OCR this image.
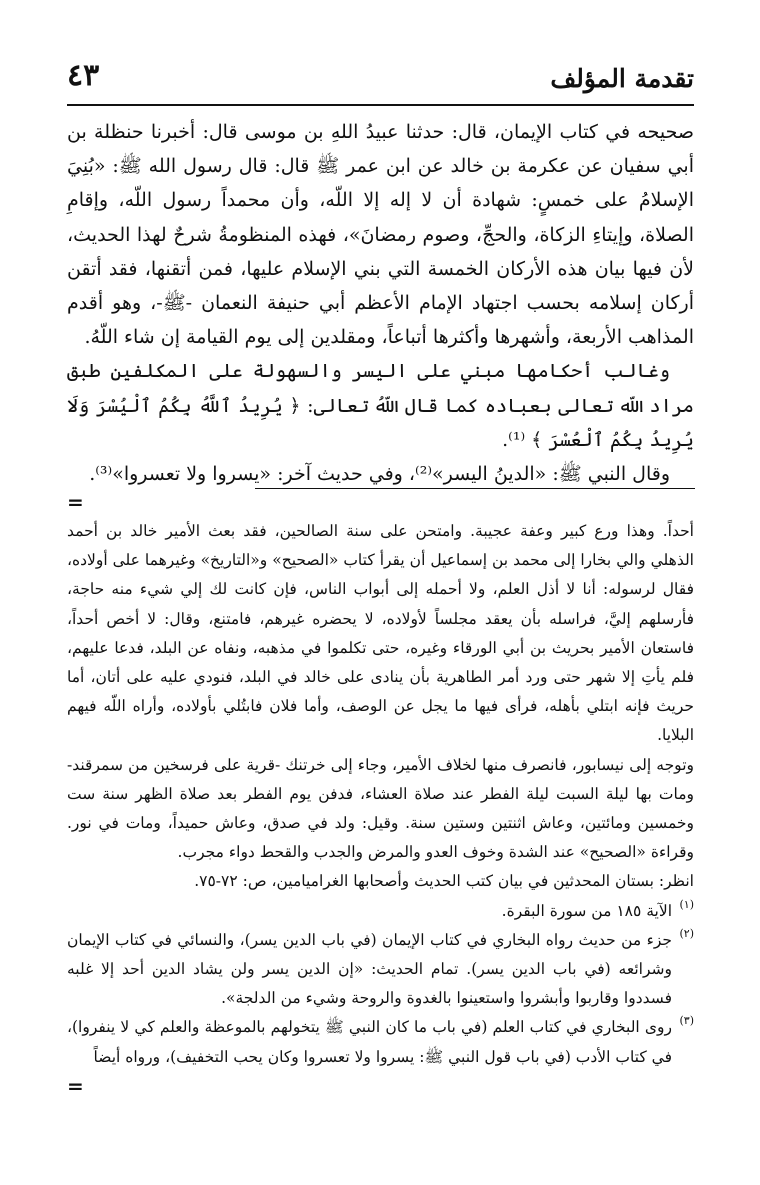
تقدمة المؤلف
٤٣

صحيحه في كتاب الإيمان، قال: حدثنا عبيدُ اللهِ بن موسى قال: أخبرنا حنظلة بن أبي سفيان عن عكرمة بن خالد عن ابن عمر ﷺ قال: قال رسول الله ﷺ: «بُنِيَ الإسلامُ على خمسٍ: شهادة أن لا إله إلا اللّه، وأن محمداً رسول اللّه، وإقامِ الصلاة، وإيتاءِ الزكاة، والحجِّ، وصوم رمضانَ»، فهذه المنظومةُ شرحٌ لهذا الحديث، لأن فيها بيان هذه الأركان الخمسة التي بني الإسلام عليها، فمن أتقنها، فقد أتقن أركان إسلامه بحسب اجتهاد الإمام الأعظم أبي حنيفة النعمان -ﷺ-، وهو أقدم المذاهب الأربعة، وأشهرها وأكثرها أتباعاً، ومقلدين إلى يوم القيامة إن شاء اللّهُ.

وغالب أحكامها مبني على اليسر والسهولة على المكلفين طبق مراد اللّه تعالى بعباده كما قال اللّهُ تعالى: ﴿ يُرِيدُ ٱللَّهُ بِكُمُ ٱلْيُسْرَ وَلَا يُرِيدُ بِكُمُ ٱلْعُسْرَ ﴾ ⁽¹⁾.

وقال النبي ﷺ: «الدينُ اليسر»⁽²⁾، وفي حديث آخر: «يسروا ولا تعسروا»⁽³⁾.

=

أحداً. وهذا ورع كبير وعفة عجيبة. وامتحن على سنة الصالحين، فقد بعث الأمير خالد بن أحمد الذهلي والي بخارا إلى محمد بن إسماعيل أن يقرأ كتاب «الصحيح» و«التاريخ» وغيرهما على أولاده، فقال لرسوله: أنا لا أذل العلم، ولا أحمله إلى أبواب الناس، فإن كانت لك إلي شيء منه حاجة، فأرسلهم إليَّ، فراسله بأن يعقد مجلساً لأولاده، لا يحضره غيرهم، فامتنع، وقال: لا أخص أحداً، فاستعان الأمير بحريث بن أبي الورقاء وغيره، حتى تكلموا في مذهبه، ونفاه عن البلد، فدعا عليهم، فلم يأتِ إلا شهر حتى ورد أمر الطاهرية بأن ينادى على خالد في البلد، فنودي عليه على أتان، أما حريث فإنه ابتلي بأهله، فرأى فيها ما يجل عن الوصف، وأما فلان فابتُلي بأولاده، وأراه اللّه فيهم البلايا.

وتوجه إلى نيسابور، فانصرف منها لخلاف الأمير، وجاء إلى خرتنك -قرية على فرسخين من سمرقند- ومات بها ليلة السبت ليلة الفطر عند صلاة العشاء، فدفن يوم الفطر بعد صلاة الظهر سنة ست وخمسين ومائتين، وعاش اثنتين وستين سنة. وقيل: ولد في صدق، وعاش حميداً، ومات في نور. وقراءة «الصحيح» عند الشدة وخوف العدو والمرض والجدب والقحط دواء مجرب.

انظر: بستان المحدثين في بيان كتب الحديث وأصحابها الغراميامين، ص: ٧٢-٧٥.

(١)
الآية ١٨٥ من سورة البقرة.
(٢)
جزء من حديث رواه البخاري في كتاب الإيمان (في باب الدين يسر)، والنسائي في كتاب الإيمان وشرائعه (في باب الدين يسر). تمام الحديث: «إن الدين يسر ولن يشاد الدين أحد إلا غلبه فسددوا وقاربوا وأبشروا واستعينوا بالغدوة والروحة وشيء من الدلجة».
(٣)
روى البخاري في كتاب العلم (في باب ما كان النبي ﷺ يتخولهم بالموعظة والعلم كي لا ينفروا)، في كتاب الأدب (في باب قول النبي ﷺ: يسروا ولا تعسروا وكان يحب التخفيف)، ورواه أيضاً
=
